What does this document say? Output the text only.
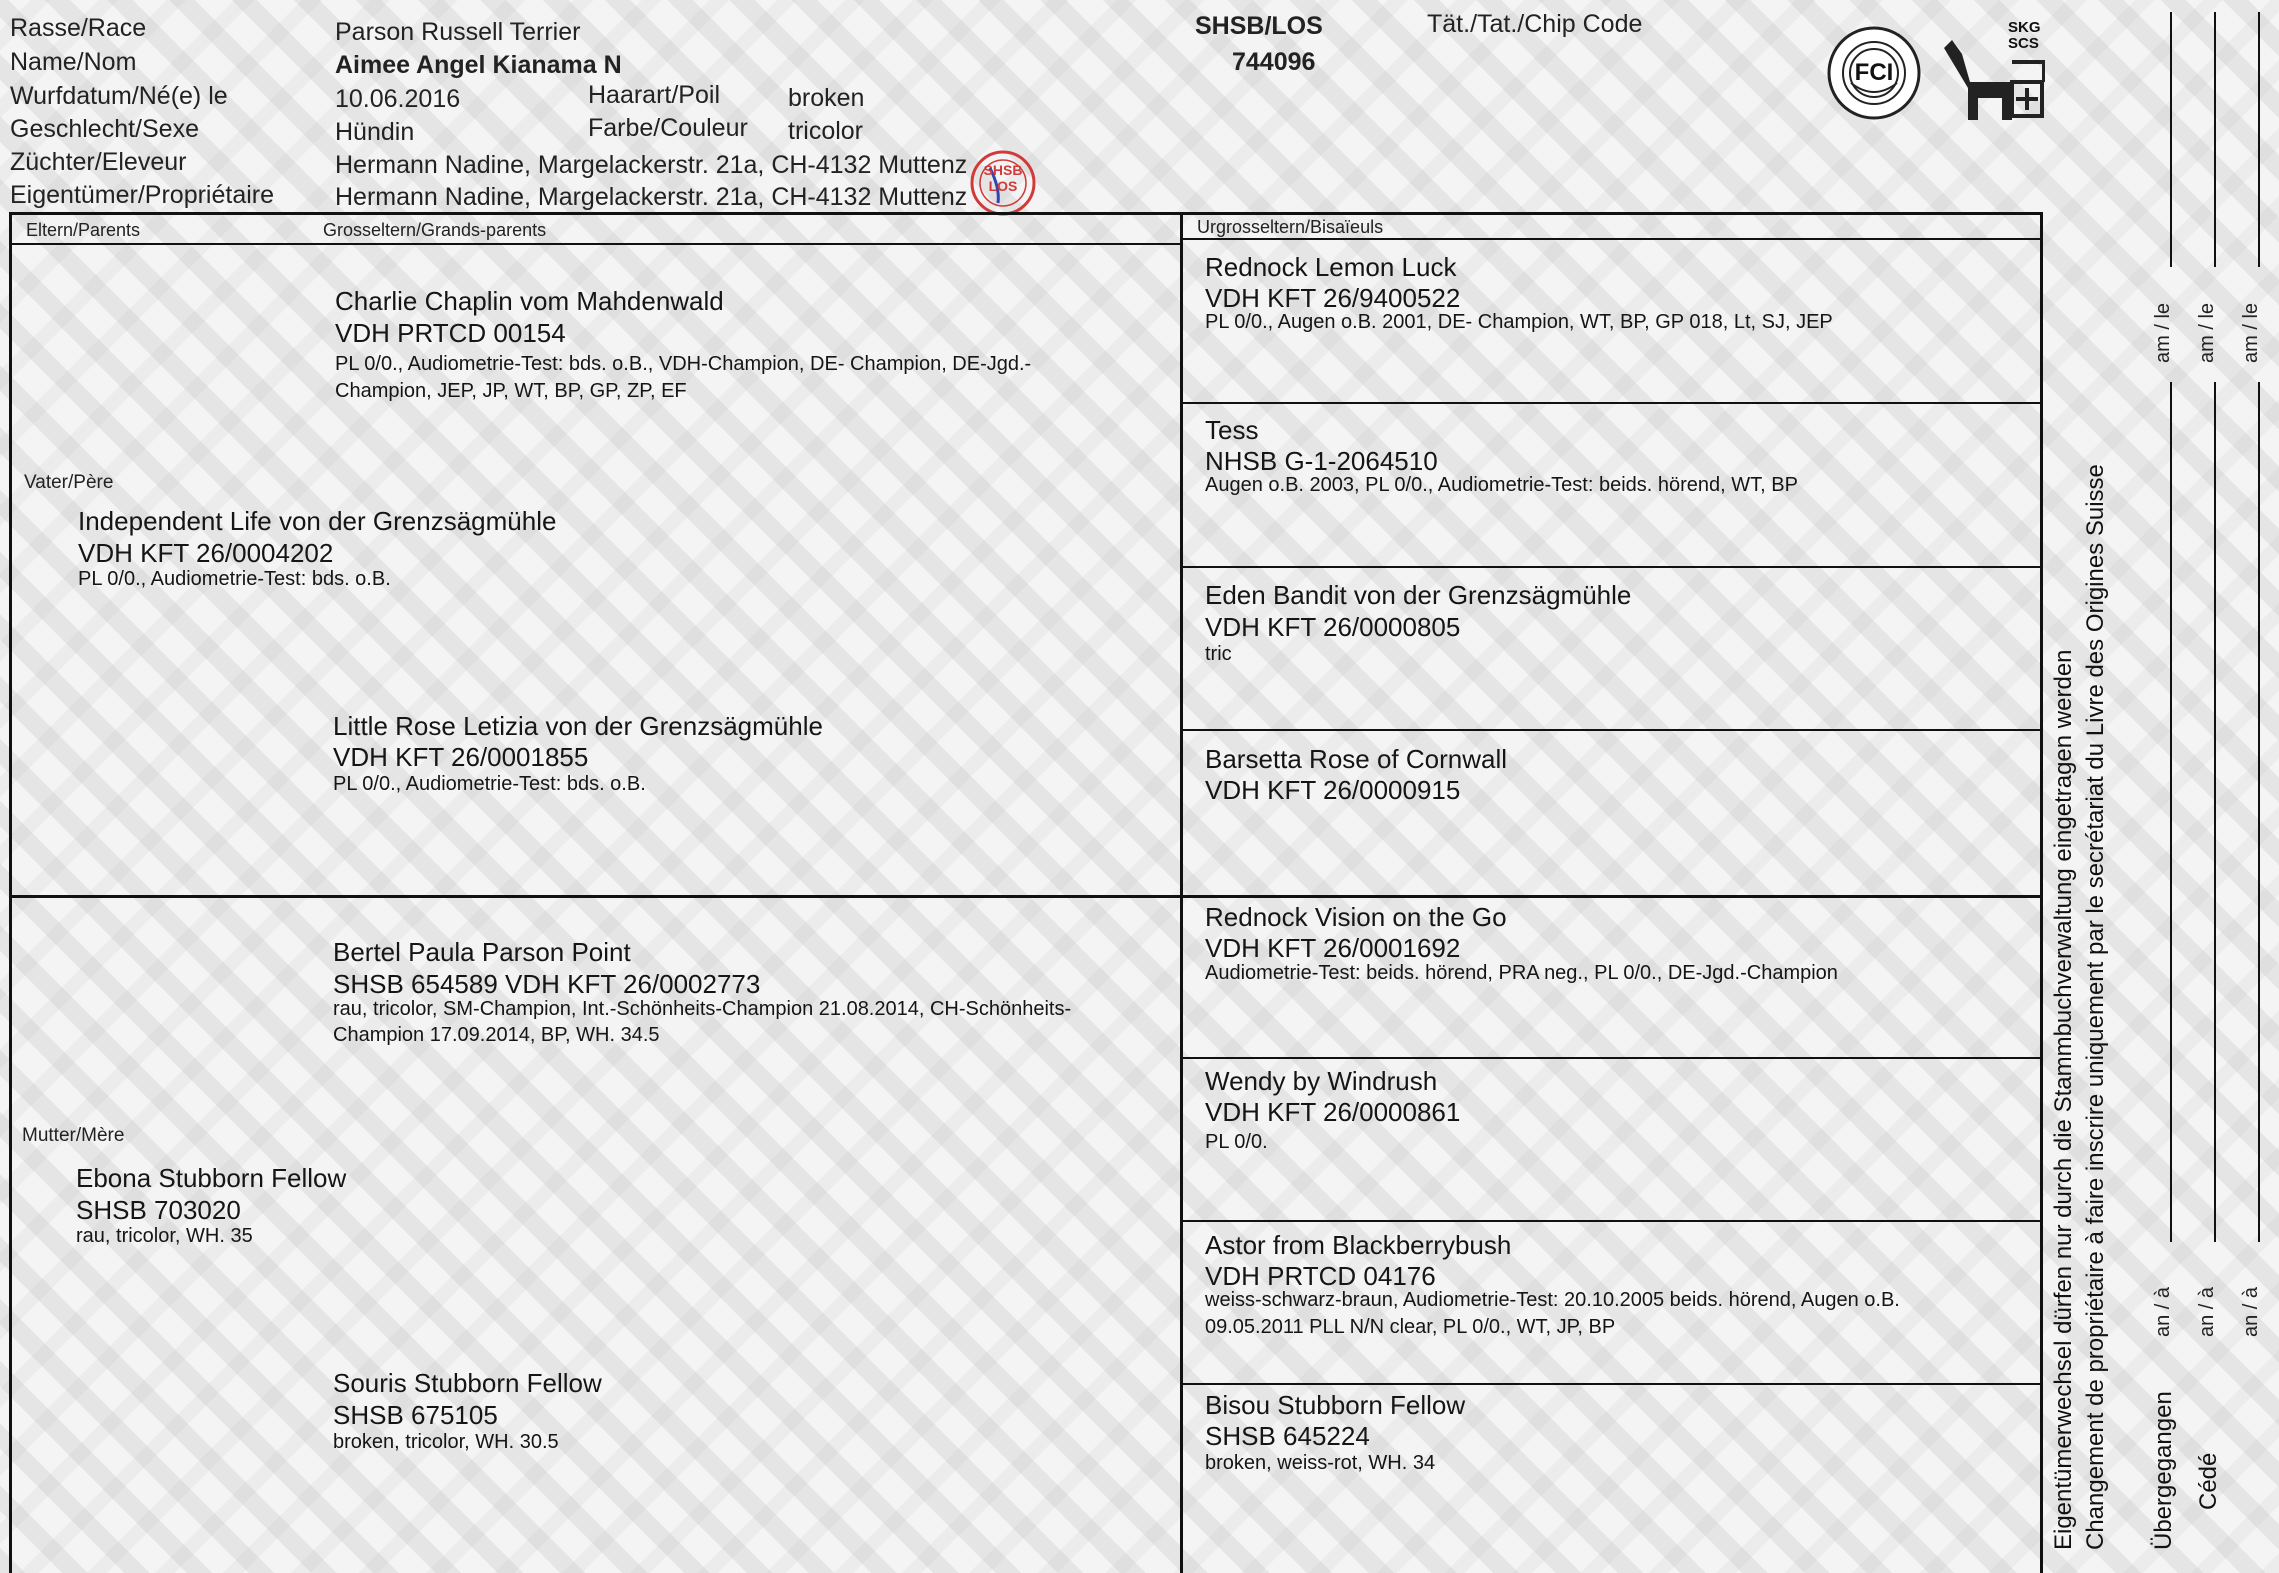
Rasse/Race	Parson Russell Terrier
Name/Nom	Aimee Angel Kianama N
Wurfdatum/Né(e) le	10.06.2016	Haarart/Poil	broken
Geschlecht/Sexe	Hündin	Farbe/Couleur tricolor
Züchter/Eleveur	Hermann Nadine, Margelackerstr. 21a, CH-4132 Muttenz
Eigentümer/Propriétaire Hermann Nadine, Margelackerstr. 21a, CH-4132 Muttenz
SHSB/LOS
744096
Tät./Tat./Chip Code
SHSB LOS
FCI
SKG SCS
Eltern/Parents	Grosseltern/Grands-parents	Urgrosseltern/Bisaïeuls
Vater/Père
Independent Life von der Grenzsägmühle
VDH KFT 26/0004202
PL 0/0., Audiometrie-Test: bds. o.B.
Mutter/Mère
Ebona Stubborn Fellow
SHSB 703020
rau, tricolor, WH. 35
Charlie Chaplin vom Mahdenwald
VDH PRTCD 00154
PL 0/0., Audiometrie-Test: bds. o.B., VDH-Champion, DE- Champion, DE-Jgd.-
Champion, JEP, JP, WT, BP, GP, ZP, EF
Little Rose Letizia von der Grenzsägmühle
VDH KFT 26/0001855
PL 0/0., Audiometrie-Test: bds. o.B.
Bertel Paula Parson Point
SHSB 654589 VDH KFT 26/0002773
rau, tricolor, SM-Champion, Int.-Schönheits-Champion 21.08.2014, CH-Schönheits-
Champion 17.09.2014, BP, WH. 34.5
Souris Stubborn Fellow
SHSB 675105
broken, tricolor, WH. 30.5
Rednock Lemon Luck
VDH KFT 26/9400522
PL 0/0., Augen o.B. 2001, DE- Champion, WT, BP, GP 018, Lt, SJ, JEP
Tess
NHSB G-1-2064510
Augen o.B. 2003, PL 0/0., Audiometrie-Test: beids. hörend, WT, BP
Eden Bandit von der Grenzsägmühle
VDH KFT 26/0000805
tric
Barsetta Rose of Cornwall
VDH KFT 26/0000915
Rednock Vision on the Go
VDH KFT 26/0001692
Audiometrie-Test: beids. hörend, PRA neg., PL 0/0., DE-Jgd.-Champion
Wendy by Windrush
VDH KFT 26/0000861
PL 0/0.
Astor from Blackberrybush
VDH PRTCD 04176
weiss-schwarz-braun, Audiometrie-Test: 20.10.2005 beids. hörend, Augen o.B.
09.05.2011 PLL N/N clear, PL 0/0., WT, JP, BP
Bisou Stubborn Fellow
SHSB 645224
broken, weiss-rot, WH. 34	Eigentümerwechsel dürfen nur durch die Stammbuchverwaltung eingetragen werden Changement de propriétaire à faire inscrire uniquement par le secrétariat du Livre des Origines Suisse Übergegangen Cédé
an / à an / à an / à
am / le am / le am / le
